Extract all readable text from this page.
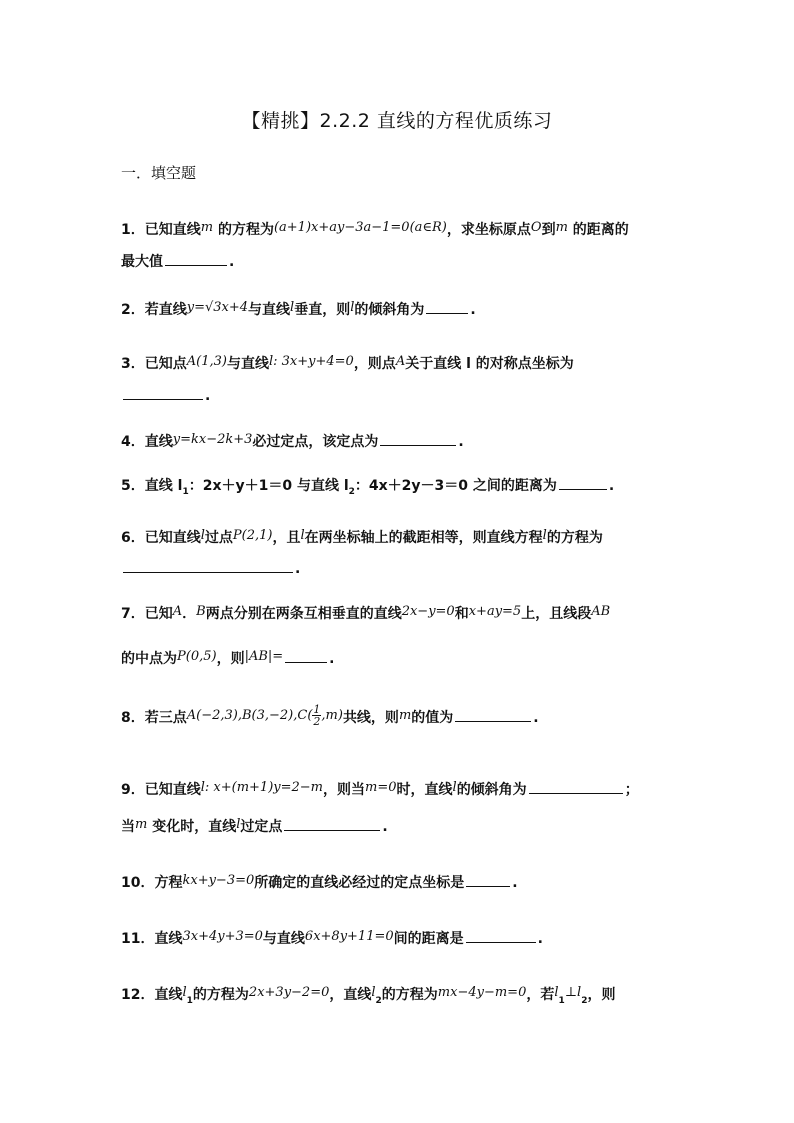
【精挑】2.2.2 直线的方程优质练习
一．填空题
1．已知直线m 的方程为(a+1)x+ay−3a−1=0(a∈R)，求坐标原点O到m 的距离的
最大值	.
2．若直线y=√3x+4与直线l垂直，则l的倾斜角为	.
3．已知点A(1,3)与直线l: 3x+y+4=0，则点A关于直线 l 的对称点坐标为
.
4．直线y=kx−2k+3必过定点，该定点为	.
5．直线 $l_1$：2x＋y＋1＝0 与直线 $l_2$：4x＋2y－3＝0 之间的距离为	.
6．已知直线l过点P(2,1)，且l在两坐标轴上的截距相等，则直线方程l的方程为
.
7．已知A．B两点分别在两条互相垂直的直线2x−y=0和x+ay=5上，且线段AB
的中点为P(0,5)，则|AB|=	.
8．若三点$A(-2,3),B(3,-2),C( \frac{1}{2} ,m)$共线，则m的值为	.
9．已知直线l: x+(m+1)y=2−m，则当m=0时，直线l的倾斜角为	；
当m 变化时，直线l过定点	.
10．方程kx+y−3=0所确定的直线必经过的定点坐标是	.
11．直线3x+4y+3=0与直线6x+8y+11=0间的距离是	.
12．直线$l_1$的方程为2x+3y−2=0，直线$l_2$的方程为mx−4y−m=0，若$l_1\perp l_2$，则
